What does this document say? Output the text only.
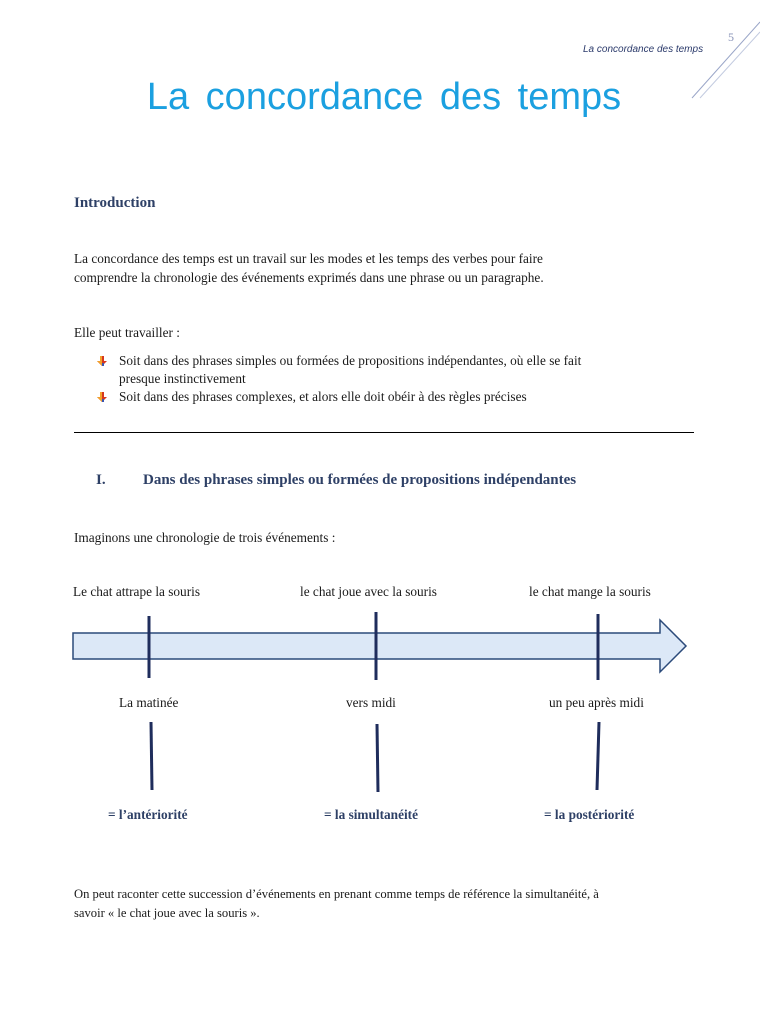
5
La concordance des temps
La concordance des temps
Introduction
La concordance des temps est un travail sur les modes et les temps des verbes pour faire
comprendre la chronologie des événements exprimés dans une phrase ou un paragraphe.
Elle peut travailler :
Soit dans des phrases simples ou formées de propositions indépendantes, où elle se fait
presque instinctivement
Soit dans des phrases complexes, et alors elle doit obéir à des règles précises
I. Dans des phrases simples ou formées de propositions indépendantes
Imaginons une chronologie de trois événements :
Le chat attrape la souris	le chat joue avec la souris	le chat mange la souris
La matinée	vers midi	un peu après midi
= l’antériorité	= la simultanéité	= la postériorité
On peut raconter cette succession d’événements en prenant comme temps de référence la simultanéité, à
savoir « le chat joue avec la souris ».
